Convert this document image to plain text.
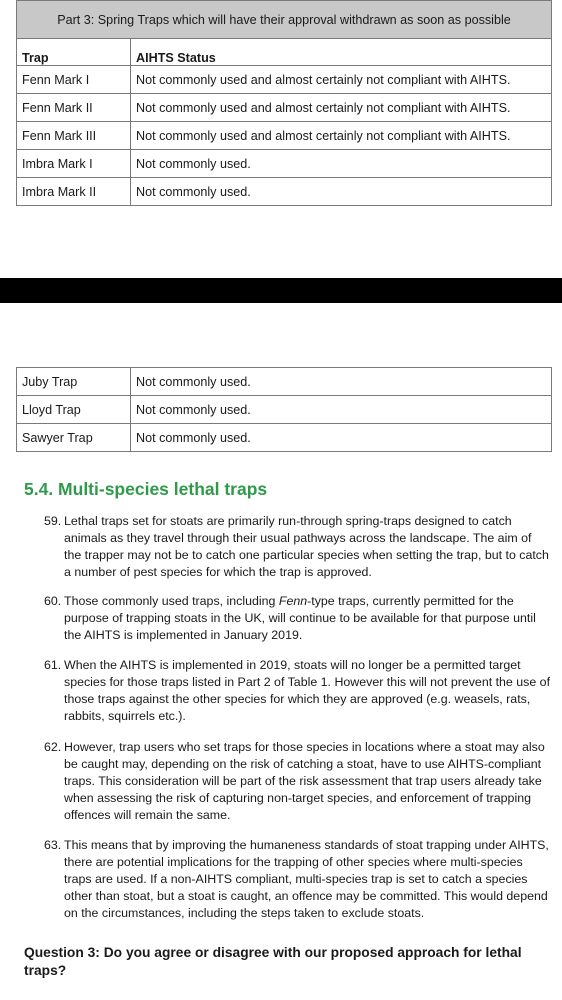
Part 3: Spring Traps which will have their approval withdrawn as soon as possible	
Trap	AIHTS Status
Fenn Mark I	Not commonly used and almost certainly not compliant with AIHTS.
Fenn Mark II	Not commonly used and almost certainly not compliant with AIHTS.
Fenn Mark III	Not commonly used and almost certainly not compliant with AIHTS.
Imbra Mark I	Not commonly used.
Imbra Mark II	Not commonly used.
Juby Trap	Not commonly used.
Lloyd Trap	Not commonly used.
Sawyer Trap	Not commonly used.
5.4. Multi-species lethal traps
59. Lethal traps set for stoats are primarily run-through spring-traps designed to catch animals as they travel through their usual pathways across the landscape. The aim of the trapper may not be to catch one particular species when setting the trap, but to catch a number of pest species for which the trap is approved.
60. Those commonly used traps, including Fenn-type traps, currently permitted for the purpose of trapping stoats in the UK, will continue to be available for that purpose until the AIHTS is implemented in January 2019.
61. When the AIHTS is implemented in 2019, stoats will no longer be a permitted target species for those traps listed in Part 2 of Table 1. However this will not prevent the use of those traps against the other species for which they are approved (e.g. weasels, rats, rabbits, squirrels etc.).
62. However, trap users who set traps for those species in locations where a stoat may also be caught may, depending on the risk of catching a stoat, have to use AIHTS-compliant traps. This consideration will be part of the risk assessment that trap users already take when assessing the risk of capturing non-target species, and enforcement of trapping offences will remain the same.
63. This means that by improving the humaneness standards of stoat trapping under AIHTS, there are potential implications for the trapping of other species where multi-species traps are used. If a non-AIHTS compliant, multi-species trap is set to catch a species other than stoat, but a stoat is caught, an offence may be committed. This would depend on the circumstances, including the steps taken to exclude stoats.

Question 3: Do you agree or disagree with our proposed approach for lethal traps?
